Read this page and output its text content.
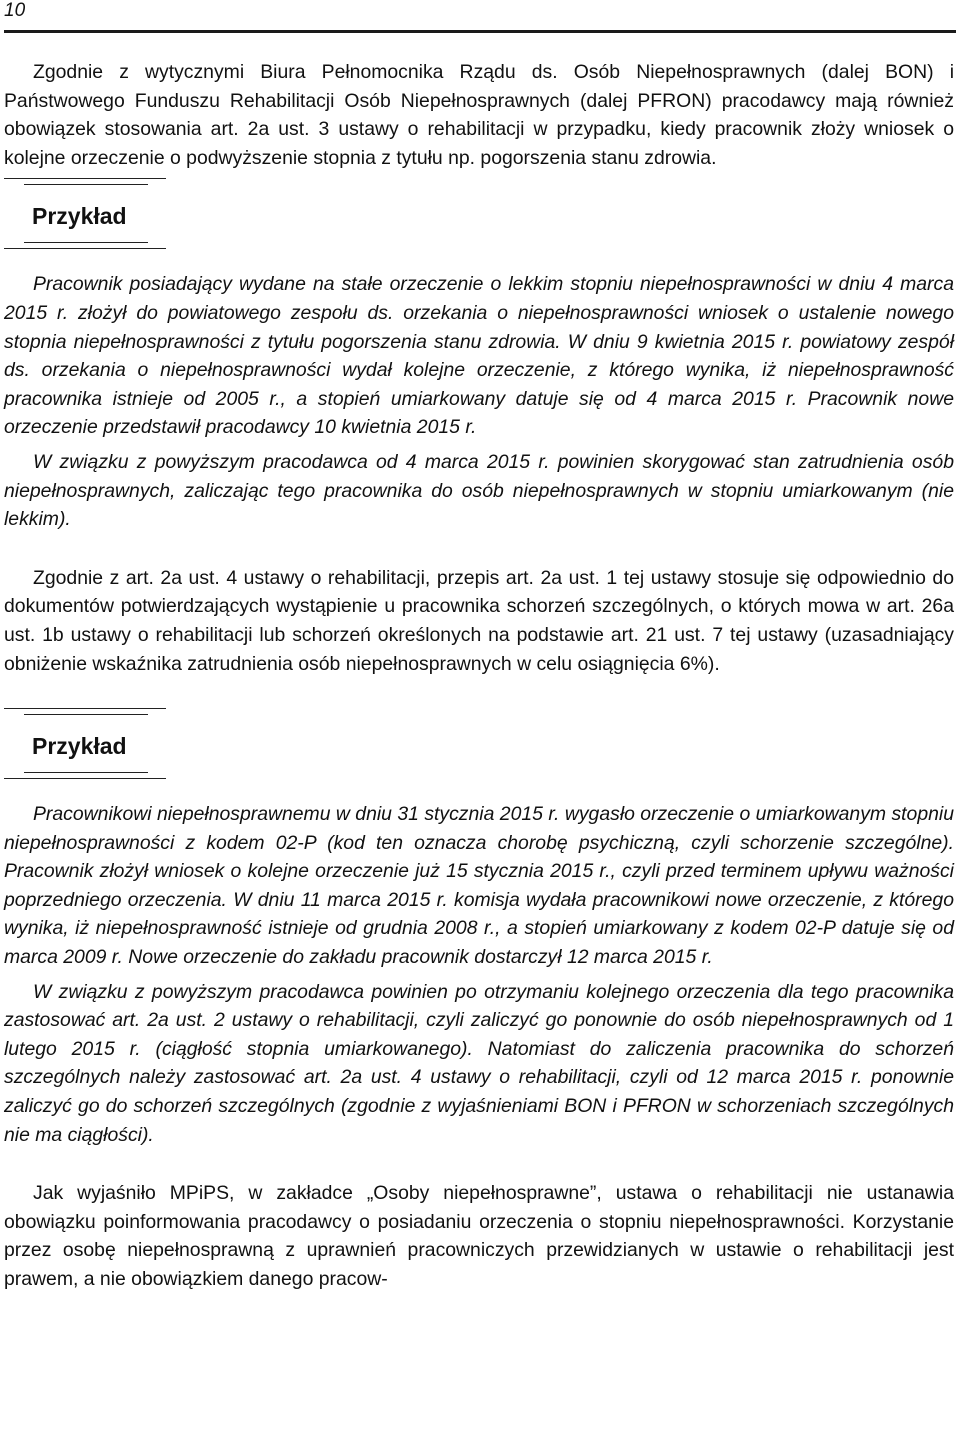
10

Zgodnie z wytycznymi Biura Pełnomocnika Rządu ds. Osób Niepełnosprawnych (dalej BON) i Państwowego Funduszu Rehabilitacji Osób Niepełnosprawnych (dalej PFRON) pracodawcy mają również obowiązek stosowania art. 2a ust. 3 ustawy o rehabilitacji w przypadku, kiedy pracownik złoży wniosek o kolejne orzeczenie o podwyższenie stopnia z tytułu np. pogorszenia stanu zdrowia.

Przykład

Pracownik posiadający wydane na stałe orzeczenie o lekkim stopniu niepełnosprawności w dniu 4 marca 2015 r. złożył do powiatowego zespołu ds. orzekania o niepełnosprawności wniosek o ustalenie nowego stopnia niepełnosprawności z tytułu pogorszenia stanu zdrowia. W dniu 9 kwietnia 2015 r. powiatowy zespół ds. orzekania o niepełnosprawności wydał kolejne orzeczenie, z którego wynika, iż niepełnosprawność pracownika istnieje od 2005 r., a stopień umiarkowany datuje się od 4 marca 2015 r. Pracownik nowe orzeczenie przedstawił pracodawcy 10 kwietnia 2015 r.

W związku z powyższym pracodawca od 4 marca 2015 r. powinien skorygować stan zatrudnienia osób niepełnosprawnych, zaliczając tego pracownika do osób niepełnosprawnych w stopniu umiarkowanym (nie lekkim).

Zgodnie z art. 2a ust. 4 ustawy o rehabilitacji, przepis art. 2a ust. 1 tej ustawy stosuje się odpowiednio do dokumentów potwierdzających wystąpienie u pracownika schorzeń szczególnych, o których mowa w art. 26a ust. 1b ustawy o rehabilitacji lub schorzeń określonych na podstawie art. 21 ust. 7 tej ustawy (uzasadniający obniżenie wskaźnika zatrudnienia osób niepełnosprawnych w celu osiągnięcia 6%).

Przykład

Pracownikowi niepełnosprawnemu w dniu 31 stycznia 2015 r. wygasło orzeczenie o umiarkowanym stopniu niepełnosprawności z kodem 02-P (kod ten oznacza chorobę psychiczną, czyli schorzenie szczególne). Pracownik złożył wniosek o kolejne orzeczenie już 15 stycznia 2015 r., czyli przed terminem upływu ważności poprzedniego orzeczenia. W dniu 11 marca 2015 r. komisja wydała pracownikowi nowe orzeczenie, z którego wynika, iż niepełnosprawność istnieje od grudnia 2008 r., a stopień umiarkowany z kodem 02-P datuje się od marca 2009 r. Nowe orzeczenie do zakładu pracownik dostarczył 12 marca 2015 r.

W związku z powyższym pracodawca powinien po otrzymaniu kolejnego orzeczenia dla tego pracownika zastosować art. 2a ust. 2 ustawy o rehabilitacji, czyli zaliczyć go ponownie do osób niepełnosprawnych od 1 lutego 2015 r. (ciągłość stopnia umiarkowanego). Natomiast do zaliczenia pracownika do schorzeń szczególnych należy zastosować art. 2a ust. 4 ustawy o rehabilitacji, czyli od 12 marca 2015 r. ponownie zaliczyć go do schorzeń szczególnych (zgodnie z wyjaśnieniami BON i PFRON w schorzeniach szczególnych nie ma ciągłości).

Jak wyjaśniło MPiPS, w zakładce „Osoby niepełnosprawne”, ustawa o rehabilitacji nie ustanawia obowiązku poinformowania pracodawcy o posiadaniu orzeczenia o stopniu niepełnosprawności. Korzystanie przez osobę niepełnosprawną z uprawnień pracowniczych przewidzianych w ustawie o rehabilitacji jest prawem, a nie obowiązkiem danego pracow-
